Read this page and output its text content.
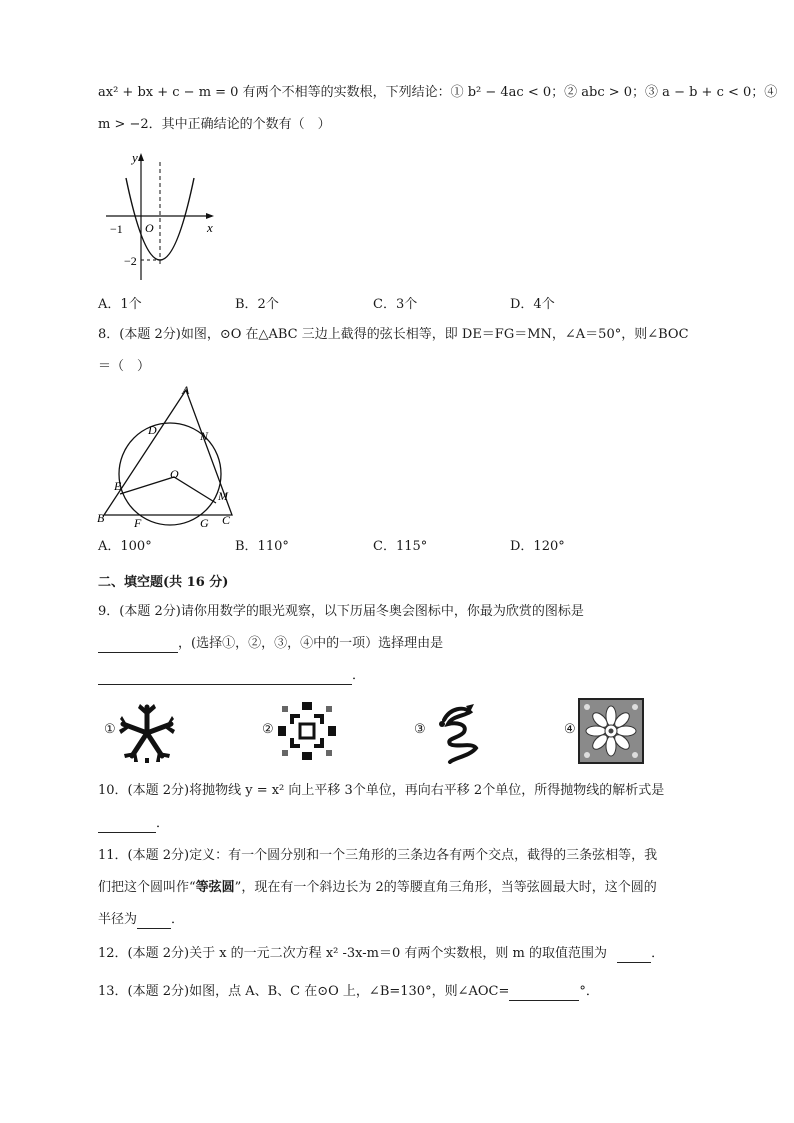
ax² + bx + c − m = 0 有两个不相等的实数根，下列结论：① b² − 4ac < 0；② abc > 0；③ a − b + c < 0；④
m > −2．其中正确结论的个数有（　）
y
x
−1 O
−2
A．1个	B．2个	C．3个	D．4个
8．(本题 2分)如图，⊙O 在△ABC 三边上截得的弦长相等，即 DE＝FG＝MN，∠A＝50°，则∠BOC
＝（　）
A
D	N
O
E
M
B F	G C
A．100°	B．110°	C．115°	D．120°
二、填空题(共 16 分)
9．(本题 2分)请你用数学的眼光观察，以下历届冬奥会图标中，你最为欣赏的图标是
，(选择①，②，③，④中的一项）选择理由是
．
①	②	③	④
10．(本题 2分)将抛物线 y = x² 向上平移 3个单位，再向右平移 2个单位，所得抛物线的解析式是
．
11．(本题 2分)定义：有一个圆分别和一个三角形的三条边各有两个交点，截得的三条弦相等，我
们把这个圆叫作“等弦圆”，现在有一个斜边长为 2的等腰直角三角形，当等弦圆最大时，这个圆的
半径为	．
12．(本题 2分)关于 x 的一元二次方程 x² -3x-m＝0 有两个实数根，则 m 的取值范围为	．
13．(本题 2分)如图，点 A、B、C 在⊙O 上，∠B=130°，则∠AOC=	°．
